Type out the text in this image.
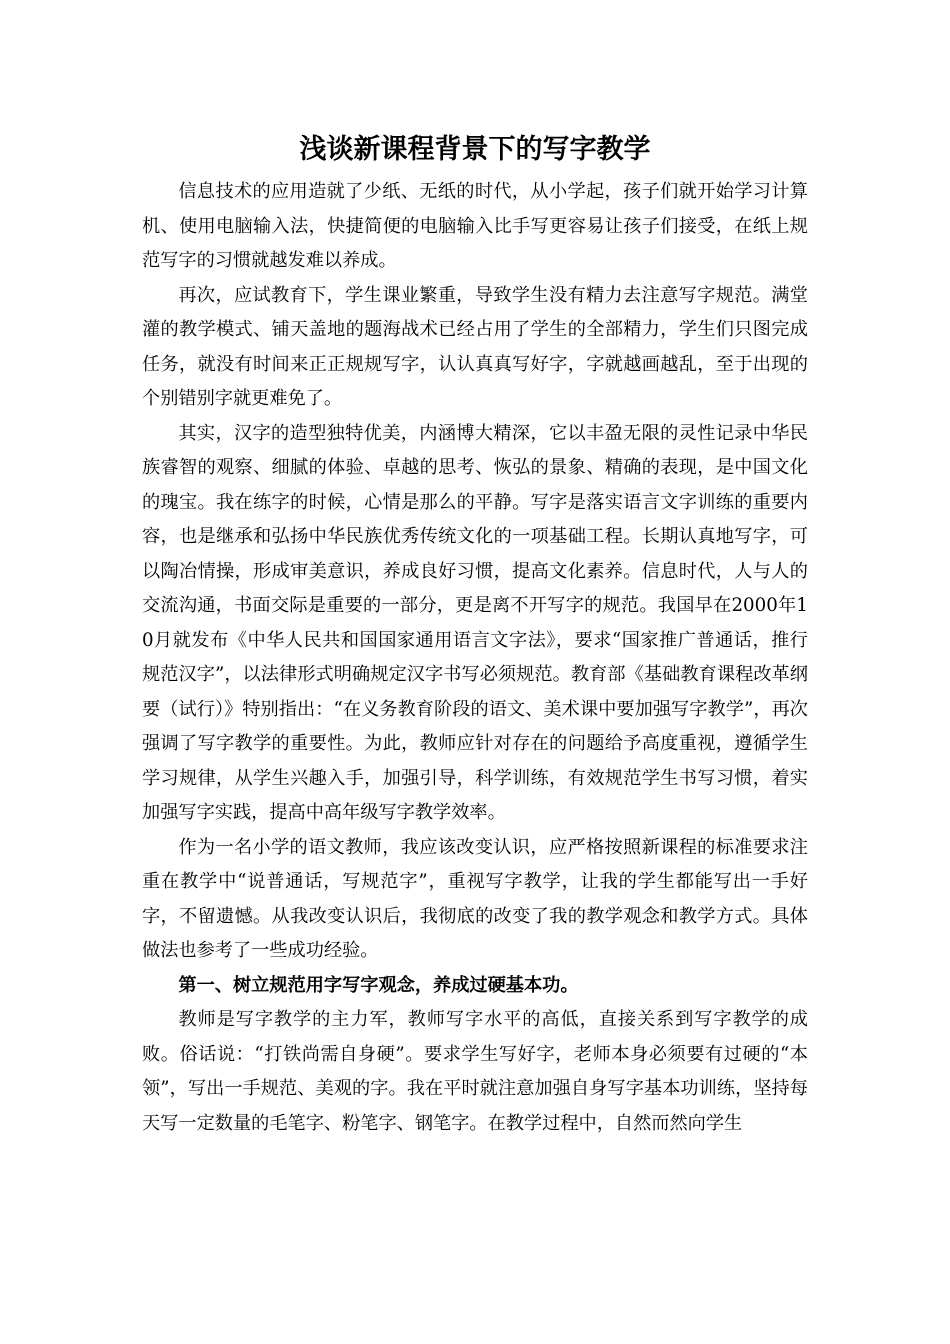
浅谈新课程背景下的写字教学

信息技术的应用造就了少纸、无纸的时代，从小学起，孩子们就开始学习计算机、使用电脑输入法，快捷简便的电脑输入比手写更容易让孩子们接受，在纸上规范写字的习惯就越发难以养成。

再次，应试教育下，学生课业繁重，导致学生没有精力去注意写字规范。满堂灌的教学模式、铺天盖地的题海战术已经占用了学生的全部精力，学生们只图完成任务，就没有时间来正正规规写字，认认真真写好字，字就越画越乱，至于出现的个别错别字就更难免了。

其实，汉字的造型独特优美，内涵博大精深，它以丰盈无限的灵性记录中华民族睿智的观察、细腻的体验、卓越的思考、恢弘的景象、精确的表现，是中国文化的瑰宝。我在练字的时候，心情是那么的平静。写字是落实语言文字训练的重要内容，也是继承和弘扬中华民族优秀传统文化的一项基础工程。长期认真地写字，可以陶冶情操，形成审美意识，养成良好习惯，提高文化素养。信息时代，人与人的交流沟通，书面交际是重要的一部分，更是离不开写字的规范。我国早在2000年10月就发布《中华人民共和国国家通用语言文字法》，要求“国家推广普通话，推行规范汉字”，以法律形式明确规定汉字书写必须规范。教育部《基础教育课程改革纲要（试行）》特别指出：“在义务教育阶段的语文、美术课中要加强写字教学”，再次强调了写字教学的重要性。为此，教师应针对存在的问题给予高度重视，遵循学生学习规律，从学生兴趣入手，加强引导，科学训练，有效规范学生书写习惯，着实加强写字实践，提高中高年级写字教学效率。

作为一名小学的语文教师，我应该改变认识，应严格按照新课程的标准要求注重在教学中“说普通话，写规范字”，重视写字教学，让我的学生都能写出一手好字，不留遗憾。从我改变认识后，我彻底的改变了我的教学观念和教学方式。具体做法也参考了一些成功经验。

第一、树立规范用字写字观念，养成过硬基本功。

教师是写字教学的主力军，教师写字水平的高低，直接关系到写字教学的成败。俗话说：“打铁尚需自身硬”。要求学生写好字，老师本身必须要有过硬的“本领”，写出一手规范、美观的字。我在平时就注意加强自身写字基本功训练，坚持每天写一定数量的毛笔字、粉笔字、钢笔字。在教学过程中，自然而然向学生
